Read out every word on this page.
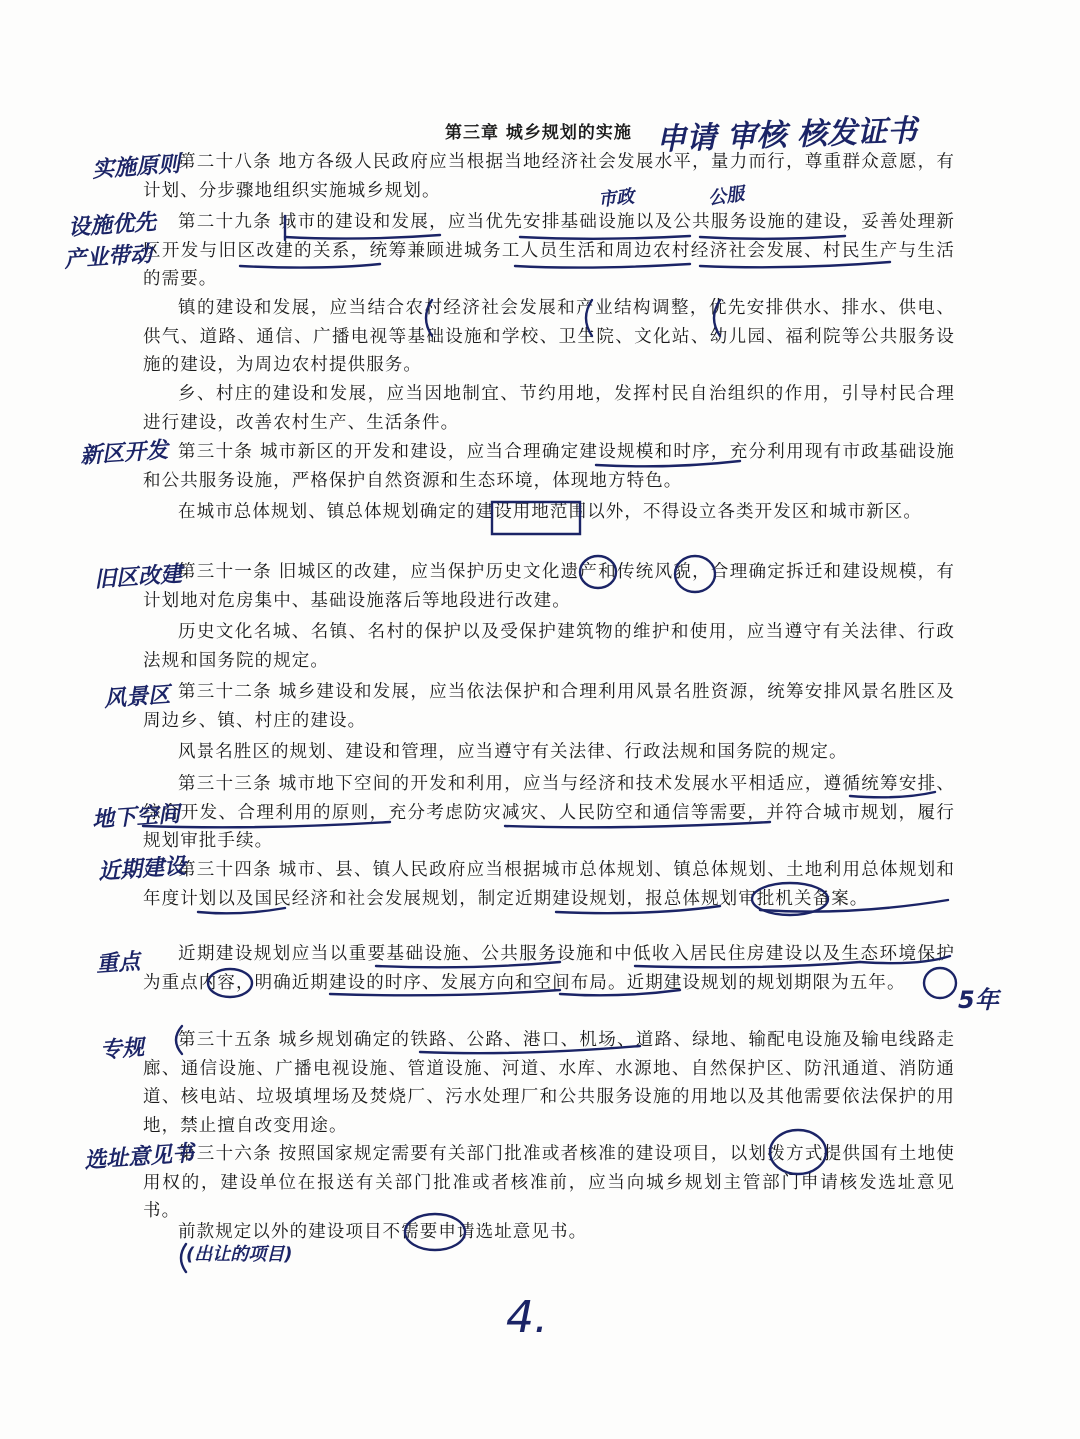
第三章 城乡规划的实施 申请 审核 核发证书

第二十八条 地方各级人民政府应当根据当地经济社会发展水平，量力而行，尊重群众意愿，有计划、分步骤地组织实施城乡规划。

第二十九条 城市的建设和发展，应当优先安排基础设施以及公共服务设施的建设，妥善处理新区开发与旧区改建的关系，统筹兼顾进城务工人员生活和周边农村经济社会发展、村民生产与生活的需要。

镇的建设和发展，应当结合农村经济社会发展和产业结构调整，优先安排供水、排水、供电、供气、道路、通信、广播电视等基础设施和学校、卫生院、文化站、幼儿园、福利院等公共服务设施的建设，为周边农村提供服务。

乡、村庄的建设和发展，应当因地制宜、节约用地，发挥村民自治组织的作用，引导村民合理进行建设，改善农村生产、生活条件。

第三十条 城市新区的开发和建设，应当合理确定建设规模和时序，充分利用现有市政基础设施和公共服务设施，严格保护自然资源和生态环境，体现地方特色。

在城市总体规划、镇总体规划确定的建设用地范围以外，不得设立各类开发区和城市新区。

第三十一条 旧城区的改建，应当保护历史文化遗产和传统风貌，合理确定拆迁和建设规模，有计划地对危房集中、基础设施落后等地段进行改建。

历史文化名城、名镇、名村的保护以及受保护建筑物的维护和使用，应当遵守有关法律、行政法规和国务院的规定。

第三十二条 城乡建设和发展，应当依法保护和合理利用风景名胜资源，统筹安排风景名胜区及周边乡、镇、村庄的建设。

风景名胜区的规划、建设和管理，应当遵守有关法律、行政法规和国务院的规定。

第三十三条 城市地下空间的开发和利用，应当与经济和技术发展水平相适应，遵循统筹安排、综合开发、合理利用的原则，充分考虑防灾减灾、人民防空和通信等需要，并符合城市规划，履行规划审批手续。

第三十四条 城市、县、镇人民政府应当根据城市总体规划、镇总体规划、土地利用总体规划和年度计划以及国民经济和社会发展规划，制定近期建设规划，报总体规划审批机关备案。

近期建设规划应当以重要基础设施、公共服务设施和中低收入居民住房建设以及生态环境保护为重点内容，明确近期建设的时序、发展方向和空间布局。近期建设规划的规划期限为五年。

第三十五条 城乡规划确定的铁路、公路、港口、机场、道路、绿地、输配电设施及输电线路走廊、通信设施、广播电视设施、管道设施、河道、水库、水源地、自然保护区、防汛通道、消防通道、核电站、垃圾填埋场及焚烧厂、污水处理厂和公共服务设施的用地以及其他需要依法保护的用地，禁止擅自改变用途。

第三十六条 按照国家规定需要有关部门批准或者核准的建设项目，以划拨方式提供国有土地使用权的，建设单位在报送有关部门批准或者核准前，应当向城乡规划主管部门申请核发选址意见书。

前款规定以外的建设项目不需要申请选址意见书。

实施原则
设施优先
产业带动
新区开发
旧区改建
风景区
地下空间
近期建设
重点
专规
选址意见书
市政	公服
(出让的项目)
5年
4.
